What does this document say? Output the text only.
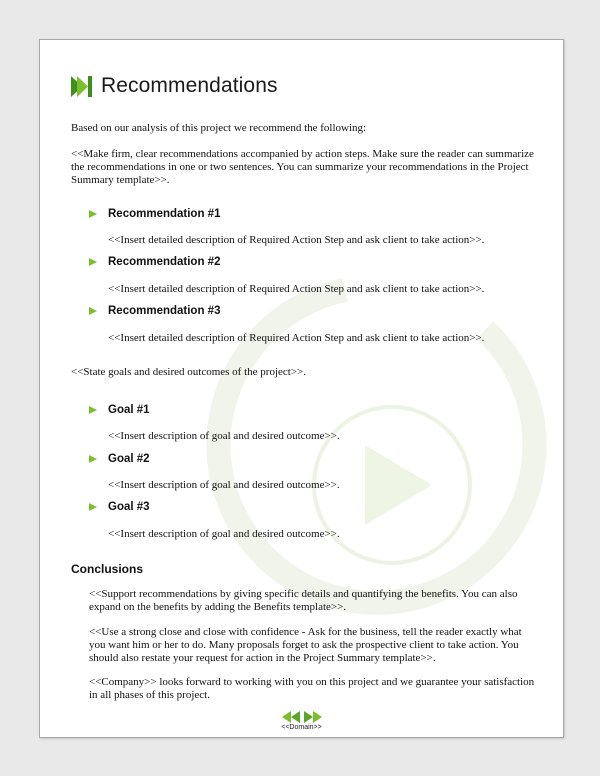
Recommendations

Based on our analysis of this project we recommend the following:

<<Make firm, clear recommendations accompanied by action steps. Make sure the reader can summarize the recommendations in one or two sentences. You can summarize your recommendations in the Project Summary template>>.

Recommendation #1

<<Insert detailed description of Required Action Step and ask client to take action>>.

Recommendation #2

<<Insert detailed description of Required Action Step and ask client to take action>>.

Recommendation #3

<<Insert detailed description of Required Action Step and ask client to take action>>.

<<State goals and desired outcomes of the project>>.

Goal #1

<<Insert description of goal and desired outcome>>.

Goal #2

<<Insert description of goal and desired outcome>>.

Goal #3

<<Insert description of goal and desired outcome>>.

Conclusions

<<Support recommendations by giving specific details and quantifying the benefits. You can also expand on the benefits by adding the Benefits template>>.

<<Use a strong close and close with confidence - Ask for the business, tell the reader exactly what you want him or her to do. Many proposals forget to ask the prospective client to take action. You should also restate your request for action in the Project Summary template>>.

<<Company>> looks forward to working with you on this project and we guarantee your satisfaction in all phases of this project.

<<Domain>>
